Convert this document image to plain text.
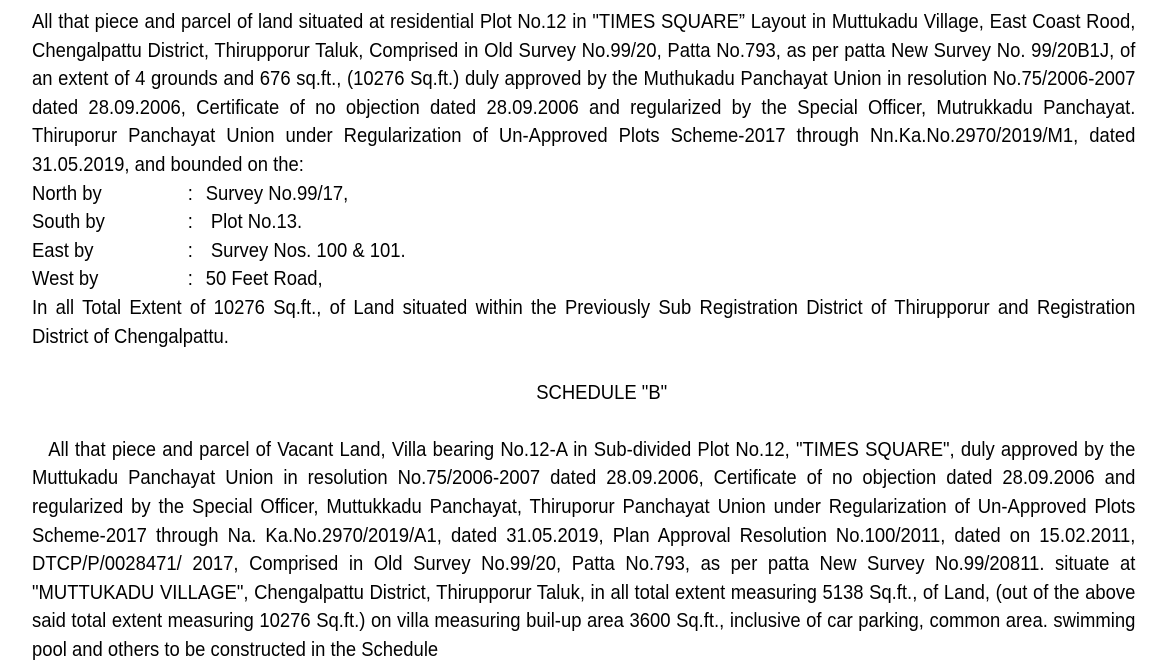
All that piece and parcel of land situated at residential Plot No.12 in "TIMES SQUARE” Layout in Muttukadu Village, East Coast Rood, Chengalpattu District, Thirupporur Taluk, Comprised in Old Survey No.99/20, Patta No.793, as per patta New Survey No. 99/20B1J, of an extent of 4 grounds and 676 sq.ft., (10276 Sq.ft.) duly approved by the Muthukadu Panchayat Union in resolution No.75/2006-2007 dated 28.09.2006, Certificate of no objection dated 28.09.2006 and regularized by the Special Officer, Mutrukkadu Panchayat. Thiruporur Panchayat Union under Regularization of Un-Approved Plots Scheme-2017 through Nn.Ka.No.2970/2019/M1, dated 31.05.2019, and bounded on the:

North by	: Survey No.99/17,
South by	: Plot No.13.
East by	: Survey Nos. 100 & 101.
West by	: 50 Feet Road,

In all Total Extent of 10276 Sq.ft., of Land situated within the Previously Sub Registration District of Thirupporur and Registration District of Chengalpattu.

SCHEDULE "B"

All that piece and parcel of Vacant Land, Villa bearing No.12-A in Sub-divided Plot No.12, "TIMES SQUARE", duly approved by the Muttukadu Panchayat Union in resolution No.75/2006-2007 dated 28.09.2006, Certificate of no objection dated 28.09.2006 and regularized by the Special Officer, Muttukkadu Panchayat, Thiruporur Panchayat Union under Regularization of Un-Approved Plots Scheme-2017 through Na. Ka.No.2970/2019/A1, dated 31.05.2019, Plan Approval Resolution No.100/2011, dated on 15.02.2011, DTCP/P/0028471/ 2017, Comprised in Old Survey No.99/20, Patta No.793, as per patta New Survey No.99/20811. situate at "MUTTUKADU VILLAGE", Chengalpattu District, Thirupporur Taluk, in all total extent measuring 5138 Sq.ft., of Land, (out of the above said total extent measuring 10276 Sq.ft.) on villa measuring buil-up area 3600 Sq.ft., inclusive of car parking, common area. swimming pool and others to be constructed in the Schedule
